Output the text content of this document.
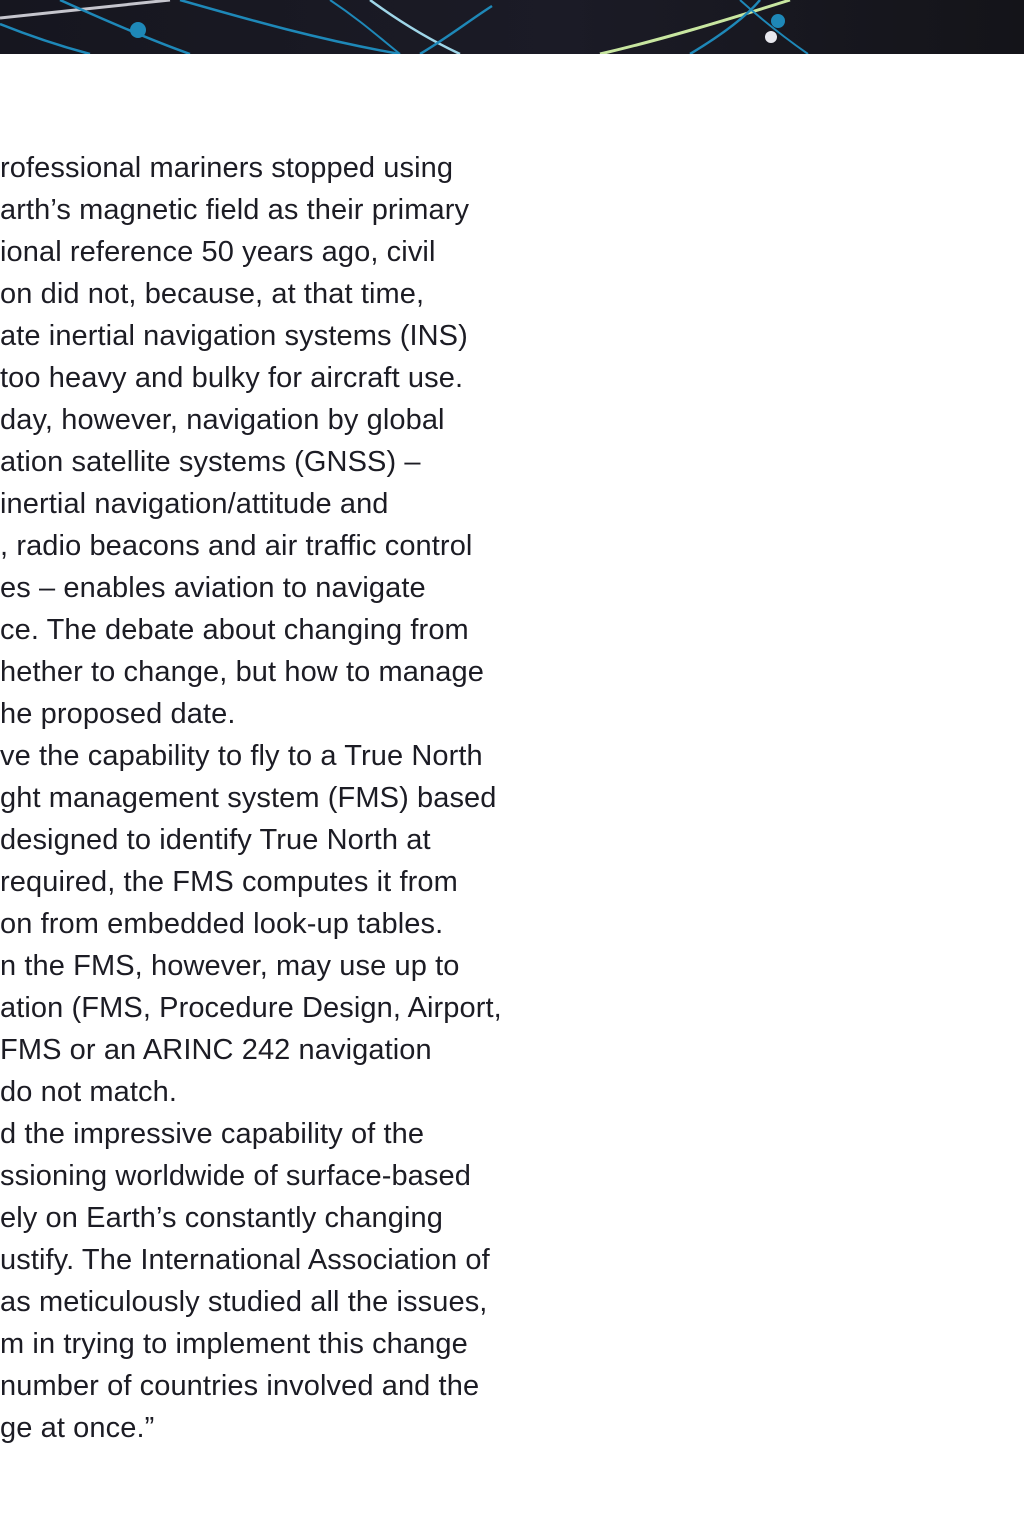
rofessional mariners stopped using
arth’s magnetic field as their primary
ional reference 50 years ago, civil
on did not, because, at that time,
ate inertial navigation systems (INS)
too heavy and bulky for aircraft use.
day, however, navigation by global
ation satellite systems (GNSS) –
inertial navigation/attitude and
, radio beacons and air traffic control
es – enables aviation to navigate
ce. The debate about changing from
hether to change, but how to manage
he proposed date.
ve the capability to fly to a True North
ght management system (FMS) based
designed to identify True North at
required, the FMS computes it from
on from embedded look-up tables.
n the FMS, however, may use up to
ation (FMS, Procedure Design, Airport,
FMS or an ARINC 242 navigation
do not match.
d the impressive capability of the
ssioning worldwide of surface-based
ely on Earth’s constantly changing
ustify. The International Association of
as meticulously studied all the issues,
m in trying to implement this change
number of countries involved and the
ge at once.”
